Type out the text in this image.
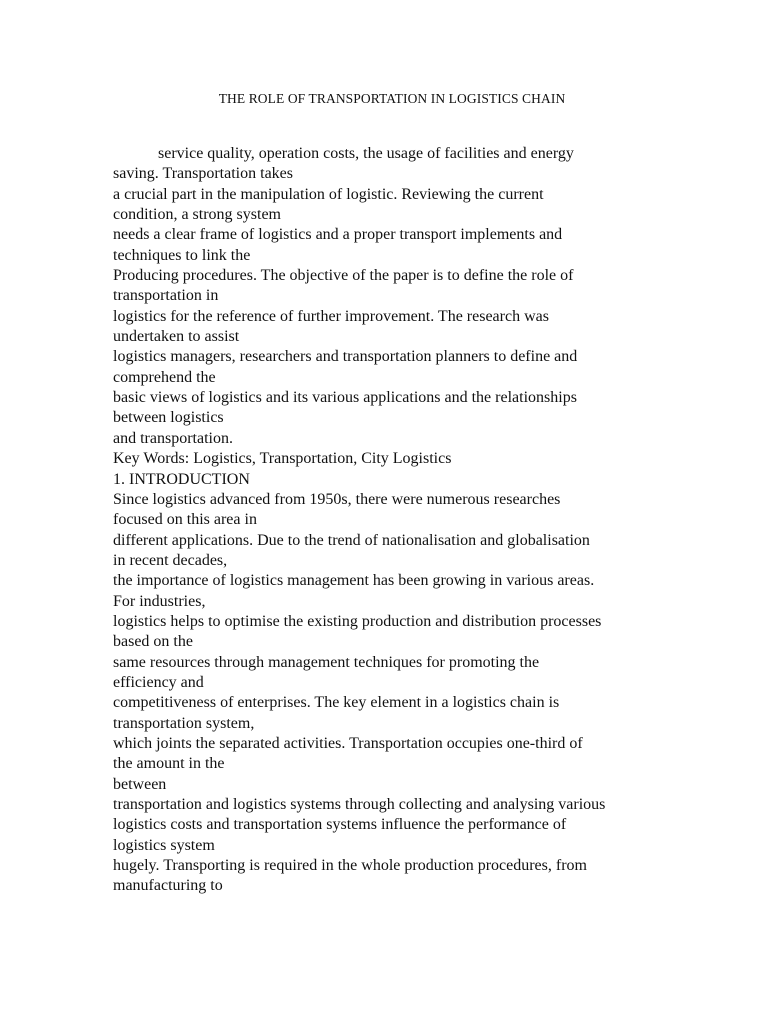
THE ROLE OF TRANSPORTATION IN LOGISTICS CHAIN
service quality, operation costs, the usage of facilities and energy
saving. Transportation takes
a crucial part in the manipulation of logistic. Reviewing the current
condition, a strong system
needs a clear frame of logistics and a proper transport implements and
techniques to link the
Producing procedures. The objective of the paper is to define the role of
transportation in
logistics for the reference of further improvement. The research was
undertaken to assist
logistics managers, researchers and transportation planners to define and
comprehend the
basic views of logistics and its various applications and the relationships
between logistics
and transportation.
Key Words: Logistics, Transportation, City Logistics
1. INTRODUCTION
Since logistics advanced from 1950s, there were numerous researches
focused on this area in
different applications. Due to the trend of nationalisation and globalisation
in recent decades,
the importance of logistics management has been growing in various areas.
For industries,
logistics helps to optimise the existing production and distribution processes
based on the
same resources through management techniques for promoting the
efficiency and
competitiveness of enterprises. The key element in a logistics chain is
transportation system,
which joints the separated activities. Transportation occupies one-third of
the amount in the
between
transportation and logistics systems through collecting and analysing various
logistics costs and transportation systems influence the performance of
logistics system
hugely. Transporting is required in the whole production procedures, from
manufacturing to
